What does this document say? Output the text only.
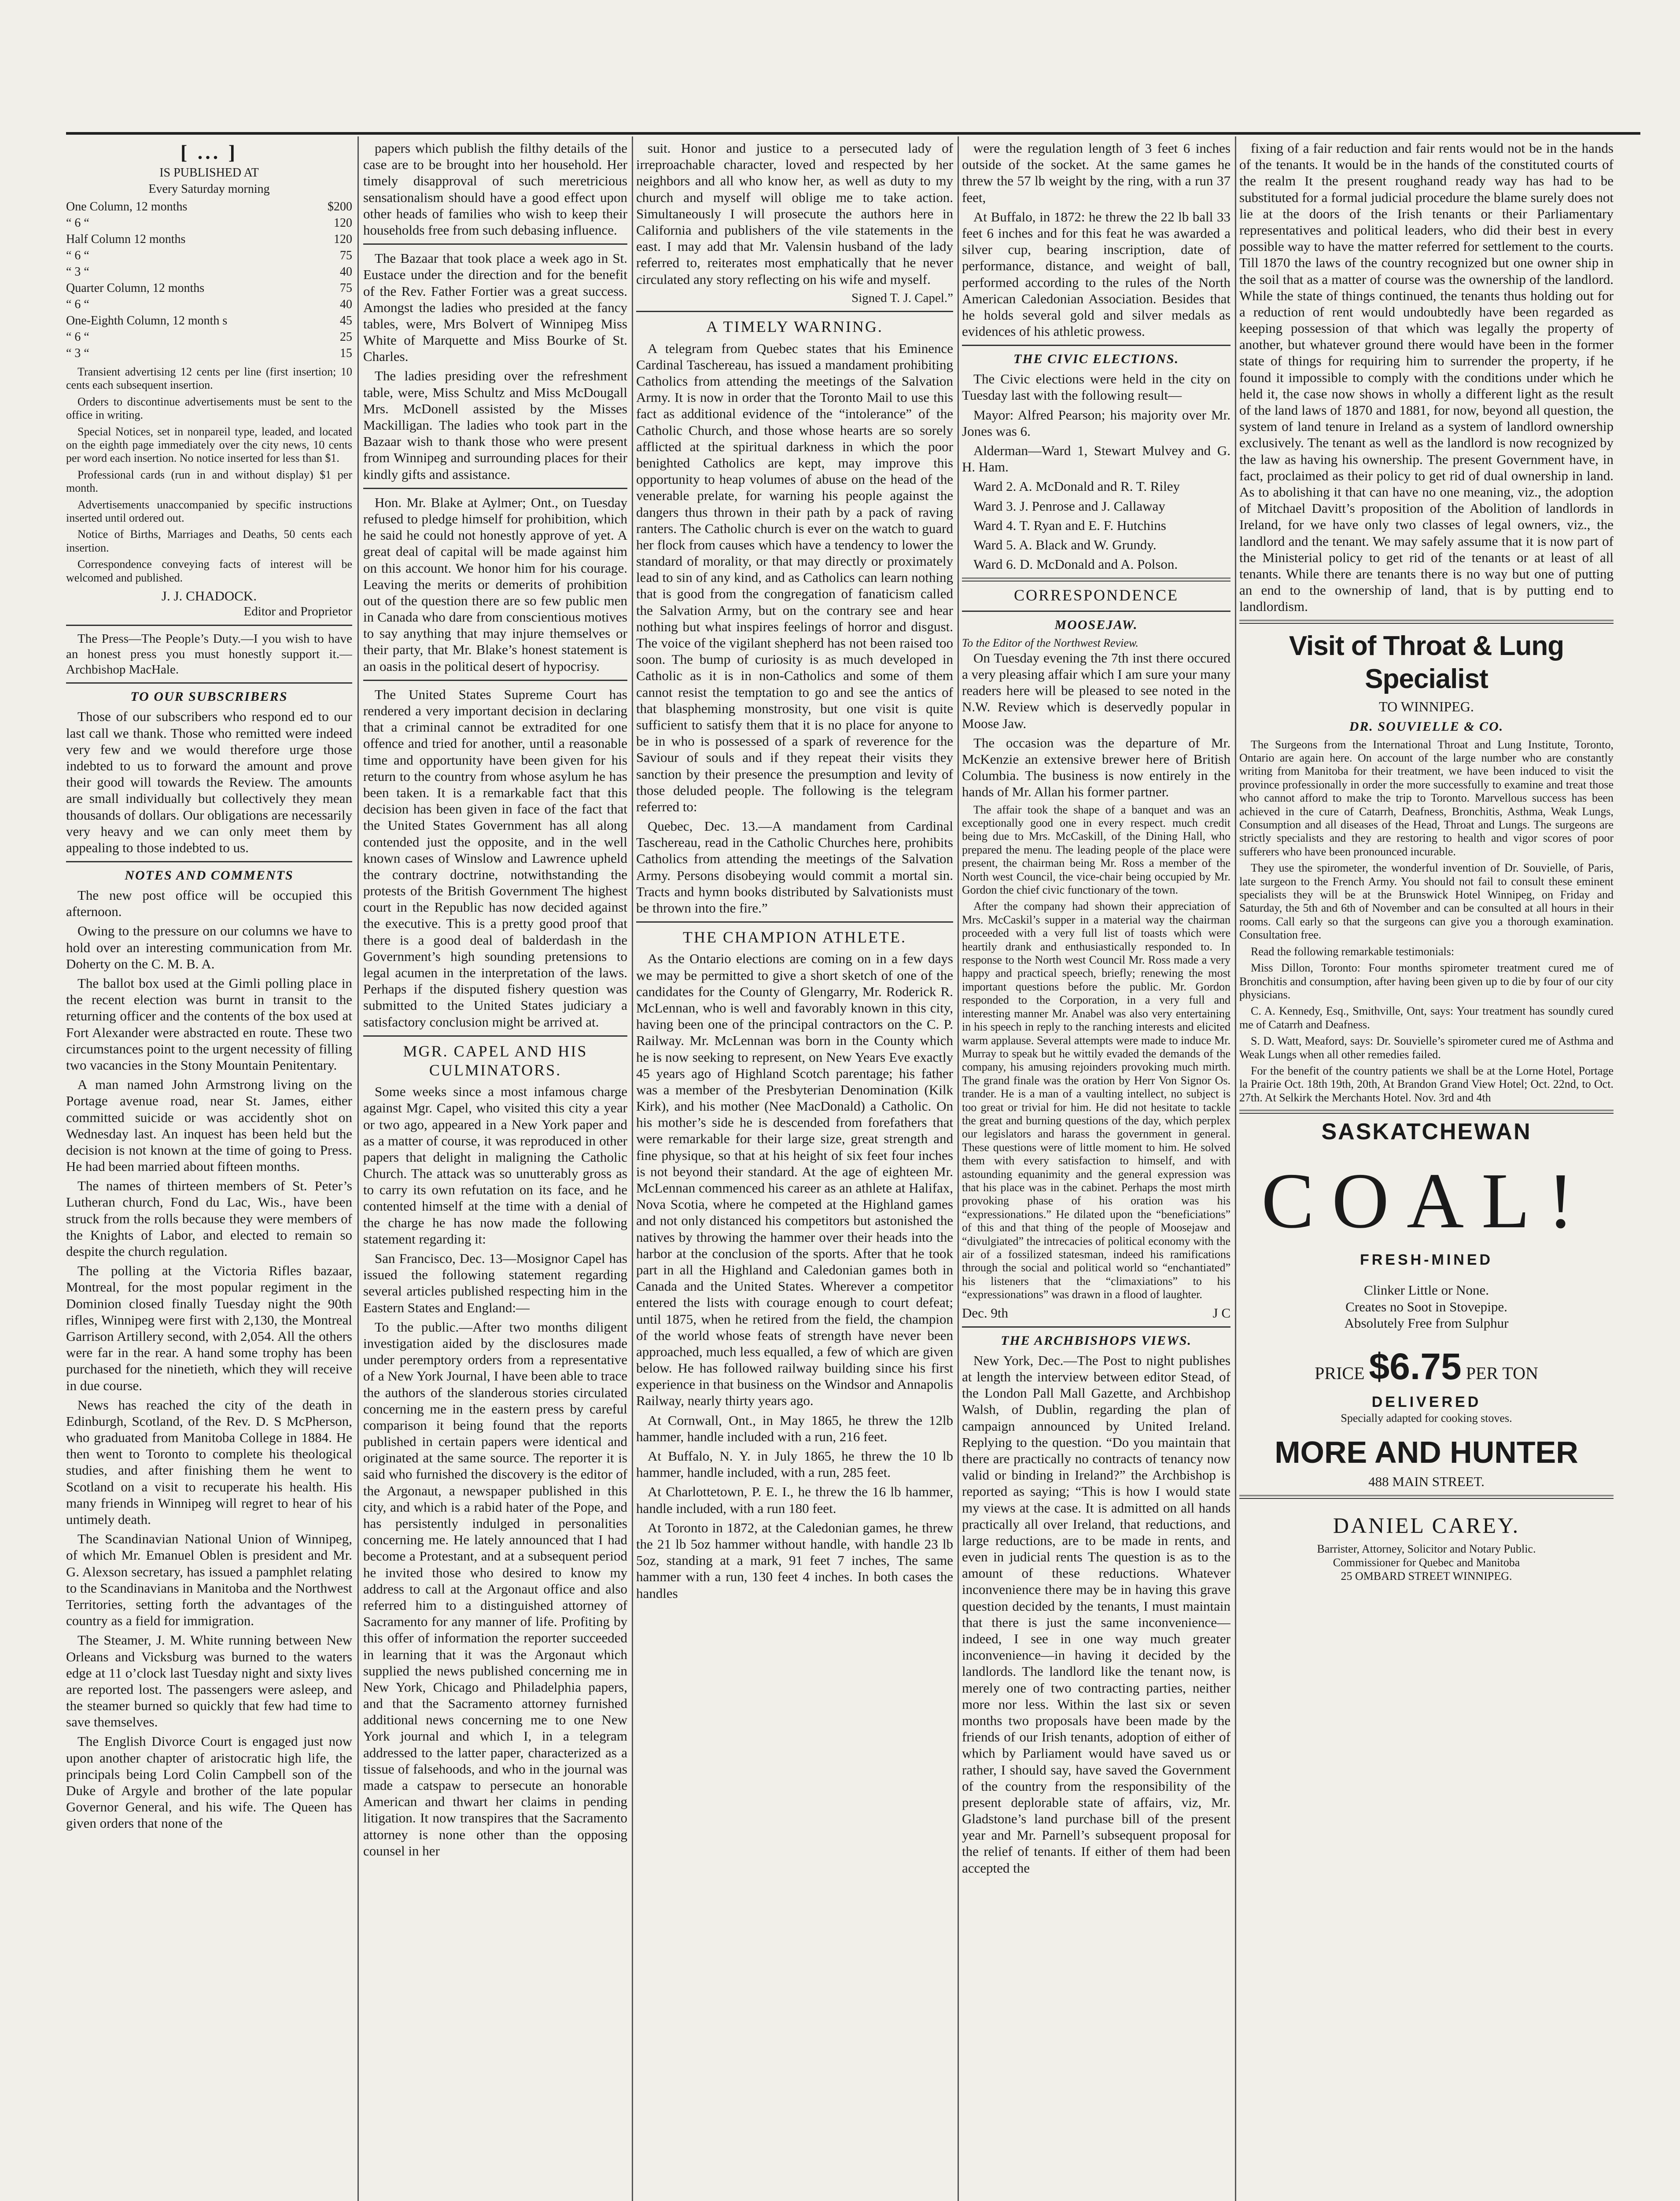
[ ... ]
IS PUBLISHED AT
Every Saturday morning
One Column, 12 months	$200
“ 6 “	120
Half Column 12 months	120
“ 6 “	75
“ 3 “	40
Quarter Column, 12 months	75
“ 6 “	40
One-Eighth Column, 12 month s	45
“ 6 “	25
“ 3 “	15

Transient advertising 12 cents per line (first insertion; 10 cents each subsequent insertion.

Orders to discontinue advertisements must be sent to the office in writing.

Special Notices, set in nonpareil type, leaded, and located on the eighth page immediately over the city news, 10 cents per word each insertion. No notice inserted for less than $1.

Professional cards (run in and without display) $1 per month.

Advertisements unaccompanied by specific instructions inserted until ordered out.

Notice of Births, Marriages and Deaths, 50 cents each insertion.

Correspondence conveying facts of interest will be welcomed and published.

J. J. CHADOCK.
Editor and Proprietor

The Press—The People’s Duty.—I you wish to have an honest press you must honestly support it.—Archbishop MacHale.

TO OUR SUBSCRIBERS

Those of our subscribers who respond ed to our last call we thank. Those who remitted were indeed very few and we would therefore urge those indebted to us to forward the amount and prove their good will towards the Review. The amounts are small individually but collectively they mean thousands of dollars. Our obligations are necessarily very heavy and we can only meet them by appealing to those indebted to us.

NOTES AND COMMENTS

The new post office will be occupied this afternoon.

Owing to the pressure on our columns we have to hold over an interesting communication from Mr. Doherty on the C. M. B. A.

The ballot box used at the Gimli polling place in the recent election was burnt in transit to the returning officer and the contents of the box used at Fort Alexander were abstracted en route. These two circumstances point to the urgent necessity of filling two vacancies in the Stony Mountain Penitentary.

A man named John Armstrong living on the Portage avenue road, near St. James, either committed suicide or was accidently shot on Wednesday last. An inquest has been held but the decision is not known at the time of going to Press. He had been married about fifteen months.

The names of thirteen members of St. Peter’s Lutheran church, Fond du Lac, Wis., have been struck from the rolls because they were members of the Knights of Labor, and elected to remain so despite the church regulation.

The polling at the Victoria Rifles bazaar, Montreal, for the most popular regiment in the Dominion closed finally Tuesday night the 90th rifles, Winnipeg were first with 2,130, the Montreal Garrison Artillery second, with 2,054. All the others were far in the rear. A hand some trophy has been purchased for the ninetieth, which they will receive in due course.

News has reached the city of the death in Edinburgh, Scotland, of the Rev. D. S McPherson, who graduated from Manitoba College in 1884. He then went to Toronto to complete his theological studies, and after finishing them he went to Scotland on a visit to recuperate his health. His many friends in Winnipeg will regret to hear of his untimely death.

The Scandinavian National Union of Winnipeg, of which Mr. Emanuel Oblen is president and Mr. G. Alexson secretary, has issued a pamphlet relating to the Scandinavians in Manitoba and the Northwest Territories, setting forth the advantages of the country as a field for immigration.

The Steamer, J. M. White running between New Orleans and Vicksburg was burned to the waters edge at 11 o’clock last Tuesday night and sixty lives are reported lost. The passengers were asleep, and the steamer burned so quickly that few had time to save themselves.

The English Divorce Court is engaged just now upon another chapter of aristocratic high life, the principals being Lord Colin Campbell son of the Duke of Argyle and brother of the late popular Governor General, and his wife. The Queen has given orders that none of the

papers which publish the filthy details of the case are to be brought into her household. Her timely disapproval of such meretricious sensationalism should have a good effect upon other heads of families who wish to keep their households free from such debasing influence.

The Bazaar that took place a week ago in St. Eustace under the direction and for the benefit of the Rev. Father Fortier was a great success. Amongst the ladies who presided at the fancy tables, were, Mrs Bolvert of Winnipeg Miss White of Marquette and Miss Bourke of St. Charles.

The ladies presiding over the refreshment table, were, Miss Schultz and Miss McDougall Mrs. McDonell assisted by the Misses Mackilligan. The ladies who took part in the Bazaar wish to thank those who were present from Winnipeg and surrounding places for their kindly gifts and assistance.

Hon. Mr. Blake at Aylmer; Ont., on Tuesday refused to pledge himself for prohibition, which he said he could not honestly approve of yet. A great deal of capital will be made against him on this account. We honor him for his courage. Leaving the merits or demerits of prohibition out of the question there are so few public men in Canada who dare from conscientious motives to say anything that may injure themselves or their party, that Mr. Blake’s honest statement is an oasis in the political desert of hypocrisy.

The United States Supreme Court has rendered a very important decision in declaring that a criminal cannot be extradited for one offence and tried for another, until a reasonable time and opportunity have been given for his return to the country from whose asylum he has been taken. It is a remarkable fact that this decision has been given in face of the fact that the United States Government has all along contended just the opposite, and in the well known cases of Winslow and Lawrence upheld the contrary doctrine, notwithstanding the protests of the British Government The highest court in the Republic has now decided against the executive. This is a pretty good proof that there is a good deal of balderdash in the Government’s high sounding pretensions to legal acumen in the interpretation of the laws. Perhaps if the disputed fishery question was submitted to the United States judiciary a satisfactory conclusion might be arrived at.

MGR. CAPEL AND HIS CULMINATORS.

Some weeks since a most infamous charge against Mgr. Capel, who visited this city a year or two ago, appeared in a New York paper and as a matter of course, it was reproduced in other papers that delight in maligning the Catholic Church. The attack was so unutterably gross as to carry its own refutation on its face, and he contented himself at the time with a denial of the charge he has now made the following statement regarding it:

San Francisco, Dec. 13—Mosignor Capel has issued the following statement regarding several articles published respecting him in the Eastern States and England:—

To the public.—After two months diligent investigation aided by the disclosures made under peremptory orders from a representative of a New York Journal, I have been able to trace the authors of the slanderous stories circulated concerning me in the eastern press by careful comparison it being found that the reports published in certain papers were identical and originated at the same source. The reporter it is said who furnished the discovery is the editor of the Argonaut, a newspaper published in this city, and which is a rabid hater of the Pope, and has persistently indulged in personalities concerning me. He lately announced that I had become a Protestant, and at a subsequent period he invited those who desired to know my address to call at the Argonaut office and also referred him to a distinguished attorney of Sacramento for any manner of life. Profiting by this offer of information the reporter succeeded in learning that it was the Argonaut which supplied the news published concerning me in New York, Chicago and Philadelphia papers, and that the Sacramento attorney furnished additional news concerning me to one New York journal and which I, in a telegram addressed to the latter paper, characterized as a tissue of falsehoods, and who in the journal was made a catspaw to persecute an honorable American and thwart her claims in pending litigation. It now transpires that the Sacramento attorney is none other than the opposing counsel in her

suit. Honor and justice to a persecuted lady of irreproachable character, loved and respected by her neighbors and all who know her, as well as duty to my church and myself will oblige me to take action. Simultaneously I will prosecute the authors here in California and publishers of the vile statements in the east. I may add that Mr. Valensin husband of the lady referred to, reiterates most emphatically that he never circulated any story reflecting on his wife and myself.

Signed T. J. Capel.”
A TIMELY WARNING.

A telegram from Quebec states that his Eminence Cardinal Taschereau, has issued a mandament prohibiting Catholics from attending the meetings of the Salvation Army. It is now in order that the Toronto Mail to use this fact as additional evidence of the “intolerance” of the Catholic Church, and those whose hearts are so sorely afflicted at the spiritual darkness in which the poor benighted Catholics are kept, may improve this opportunity to heap volumes of abuse on the head of the venerable prelate, for warning his people against the dangers thus thrown in their path by a pack of raving ranters. The Catholic church is ever on the watch to guard her flock from causes which have a tendency to lower the standard of morality, or that may directly or proximately lead to sin of any kind, and as Catholics can learn nothing that is good from the congregation of fanaticism called the Salvation Army, but on the contrary see and hear nothing but what inspires feelings of horror and disgust. The voice of the vigilant shepherd has not been raised too soon. The bump of curiosity is as much developed in Catholic as it is in non-Catholics and some of them cannot resist the temptation to go and see the antics of that blaspheming monstrosity, but one visit is quite sufficient to satisfy them that it is no place for anyone to be in who is possessed of a spark of reverence for the Saviour of souls and if they repeat their visits they sanction by their presence the presumption and levity of those deluded people. The following is the telegram referred to:

Quebec, Dec. 13.—A mandament from Cardinal Taschereau, read in the Catholic Churches here, prohibits Catholics from attending the meetings of the Salvation Army. Persons disobeying would commit a mortal sin. Tracts and hymn books distributed by Salvationists must be thrown into the fire.”

THE CHAMPION ATHLETE.

As the Ontario elections are coming on in a few days we may be permitted to give a short sketch of one of the candidates for the County of Glengarry, Mr. Roderick R. McLennan, who is well and favorably known in this city, having been one of the principal contractors on the C. P. Railway. Mr. McLennan was born in the County which he is now seeking to represent, on New Years Eve exactly 45 years ago of Highland Scotch parentage; his father was a member of the Presbyterian Denomination (Kilk Kirk), and his mother (Nee MacDonald) a Catholic. On his mother’s side he is descended from forefathers that were remarkable for their large size, great strength and fine physique, so that at his height of six feet four inches is not beyond their standard. At the age of eighteen Mr. McLennan commenced his career as an athlete at Halifax, Nova Scotia, where he competed at the Highland games and not only distanced his competitors but astonished the natives by throwing the hammer over their heads into the harbor at the conclusion of the sports. After that he took part in all the Highland and Caledonian games both in Canada and the United States. Wherever a competitor entered the lists with courage enough to court defeat; until 1875, when he retired from the field, the champion of the world whose feats of strength have never been approached, much less equalled, a few of which are given below. He has followed railway building since his first experience in that business on the Windsor and Annapolis Railway, nearly thirty years ago.

At Cornwall, Ont., in May 1865, he threw the 12lb hammer, handle included with a run, 216 feet.

At Buffalo, N. Y. in July 1865, he threw the 10 lb hammer, handle included, with a run, 285 feet.

At Charlottetown, P. E. I., he threw the 16 lb hammer, handle included, with a run 180 feet.

At Toronto in 1872, at the Caledonian games, he threw the 21 lb 5oz hammer without handle, with handle 23 lb 5oz, standing at a mark, 91 feet 7 inches, The same hammer with a run, 130 feet 4 inches. In both cases the handles

were the regulation length of 3 feet 6 inches outside of the socket. At the same games he threw the 57 lb weight by the ring, with a run 37 feet,

At Buffalo, in 1872: he threw the 22 lb ball 33 feet 6 inches and for this feat he was awarded a silver cup, bearing inscription, date of performance, distance, and weight of ball, performed according to the rules of the North American Caledonian Association. Besides that he holds several gold and silver medals as evidences of his athletic prowess.

THE CIVIC ELECTIONS.

The Civic elections were held in the city on Tuesday last with the following result—

Mayor: Alfred Pearson; his majority over Mr. Jones was 6.

Alderman—Ward 1, Stewart Mulvey and G. H. Ham.

Ward 2. A. McDonald and R. T. Riley

Ward 3. J. Penrose and J. Callaway

Ward 4. T. Ryan and E. F. Hutchins

Ward 5. A. Black and W. Grundy.

Ward 6. D. McDonald and A. Polson.

CORRESPONDENCE
MOOSEJAW.
To the Editor of the Northwest Review.

On Tuesday evening the 7th inst there occured a very pleasing affair which I am sure your many readers here will be pleased to see noted in the N.W. Review which is deservedly popular in Moose Jaw.

The occasion was the departure of Mr. McKenzie an extensive brewer here of British Columbia. The business is now entirely in the hands of Mr. Allan his former partner.

The affair took the shape of a banquet and was an exceptionally good one in every respect. much credit being due to Mrs. McCaskill, of the Dining Hall, who prepared the menu. The leading people of the place were present, the chairman being Mr. Ross a member of the North west Council, the vice-chair being occupied by Mr. Gordon the chief civic functionary of the town.

After the company had shown their appreciation of Mrs. McCaskil’s supper in a material way the chairman proceeded with a very full list of toasts which were heartily drank and enthusiastically responded to. In response to the North west Council Mr. Ross made a very happy and practical speech, briefly; renewing the most important questions before the public. Mr. Gordon responded to the Corporation, in a very full and interesting manner Mr. Anabel was also very entertaining in his speech in reply to the ranching interests and elicited warm applause. Several attempts were made to induce Mr. Murray to speak but he wittily evaded the demands of the company, his amusing rejoinders provoking much mirth. The grand finale was the oration by Herr Von Signor Os. trander. He is a man of a vaulting intellect, no subject is too great or trivial for him. He did not hesitate to tackle the great and burning questions of the day, which perplex our legislators and harass the government in general. These questions were of little moment to him. He solved them with every satisfaction to himself, and with astounding equanimity and the general expression was that his place was in the cabinet. Perhaps the most mirth provoking phase of his oration was his “expressionations.” He dilated upon the “beneficiations” of this and that thing of the people of Moosejaw and “divulgiated” the intrecacies of political economy with the air of a fossilized statesman, indeed his ramifications through the social and political world so “enchantiated” his listeners that the “climaxiations” to his “expressionations” was drawn in a flood of laughter.

Dec. 9th	J C
THE ARCHBISHOPS VIEWS.

New York, Dec.—The Post to night publishes at length the interview between editor Stead, of the London Pall Mall Gazette, and Archbishop Walsh, of Dublin, regarding the plan of campaign announced by United Ireland. Replying to the question. “Do you maintain that there are practically no contracts of tenancy now valid or binding in Ireland?” the Archbishop is reported as saying; “This is how I would state my views at the case. It is admitted on all hands practically all over Ireland, that reductions, and large reductions, are to be made in rents, and even in judicial rents The question is as to the amount of these reductions. Whatever inconvenience there may be in having this grave question decided by the tenants, I must maintain that there is just the same inconvenience—indeed, I see in one way much greater inconvenience—in having it decided by the landlords. The landlord like the tenant now, is merely one of two contracting parties, neither more nor less. Within the last six or seven months two proposals have been made by the friends of our Irish tenants, adoption of either of which by Parliament would have saved us or rather, I should say, have saved the Government of the country from the responsibility of the present deplorable state of affairs, viz, Mr. Gladstone’s land purchase bill of the present year and Mr. Parnell’s subsequent proposal for the relief of tenants. If either of them had been accepted the

fixing of a fair reduction and fair rents would not be in the hands of the tenants. It would be in the hands of the constituted courts of the realm It the present roughand ready way has had to be substituted for a formal judicial procedure the blame surely does not lie at the doors of the Irish tenants or their Parliamentary representatives and political leaders, who did their best in every possible way to have the matter referred for settlement to the courts. Till 1870 the laws of the country recognized but one owner ship in the soil that as a matter of course was the ownership of the landlord. While the state of things continued, the tenants thus holding out for a reduction of rent would undoubtedly have been regarded as keeping possession of that which was legally the property of another, but whatever ground there would have been in the former state of things for requiring him to surrender the property, if he found it impossible to comply with the conditions under which he held it, the case now shows in wholly a different light as the result of the land laws of 1870 and 1881, for now, beyond all question, the system of land tenure in Ireland as a system of landlord ownership exclusively. The tenant as well as the landlord is now recognized by the law as having his ownership. The present Government have, in fact, proclaimed as their policy to get rid of dual ownership in land. As to abolishing it that can have no one meaning, viz., the adoption of Mitchael Davitt’s proposition of the Abolition of landlords in Ireland, for we have only two classes of legal owners, viz., the landlord and the tenant. We may safely assume that it is now part of the Ministerial policy to get rid of the tenants or at least of all tenants. While there are tenants there is no way but one of putting an end to the ownership of land, that is by putting end to landlordism.

Visit of Throat & Lung Specialist
TO WINNIPEG.
DR. SOUVIELLE & CO.

The Surgeons from the International Throat and Lung Institute, Toronto, Ontario are again here. On account of the large number who are constantly writing from Manitoba for their treatment, we have been induced to visit the province professionally in order the more successfully to examine and treat those who cannot afford to make the trip to Toronto. Marvellous success has been achieved in the cure of Catarrh, Deafness, Bronchitis, Asthma, Weak Lungs, Consumption and all diseases of the Head, Throat and Lungs. The surgeons are strictly specialists and they are restoring to health and vigor scores of poor sufferers who have been pronounced incurable.

They use the spirometer, the wonderful invention of Dr. Souvielle, of Paris, late surgeon to the French Army. You should not fail to consult these eminent specialists they will be at the Brunswick Hotel Winnipeg, on Friday and Saturday, the 5th and 6th of November and can be consulted at all hours in their rooms. Call early so that the surgeons can give you a thorough examination. Consultation free.

Read the following remarkable testimonials:

Miss Dillon, Toronto: Four months spirometer treatment cured me of Bronchitis and consumption, after having been given up to die by four of our city physicians.

C. A. Kennedy, Esq., Smithville, Ont, says: Your treatment has soundly cured me of Catarrh and Deafness.

S. D. Watt, Meaford, says: Dr. Souvielle’s spirometer cured me of Asthma and Weak Lungs when all other remedies failed.

For the benefit of the country patients we shall be at the Lorne Hotel, Portage la Prairie Oct. 18th 19th, 20th, At Brandon Grand View Hotel; Oct. 22nd, to Oct. 27th. At Selkirk the Merchants Hotel. Nov. 3rd and 4th

SASKATCHEWAN
COAL!
FRESH-MINED
Clinker Little or None.
Creates no Soot in Stovepipe.
Absolutely Free from Sulphur
PRICE $6.75 PER TON
DELIVERED
Specially adapted for cooking stoves.
MORE AND HUNTER
488 MAIN STREET.
DANIEL CAREY.
Barrister, Attorney, Solicitor and Notary Public.
Commissioner for Quebec and Manitoba
25 OMBARD STREET WINNIPEG.
